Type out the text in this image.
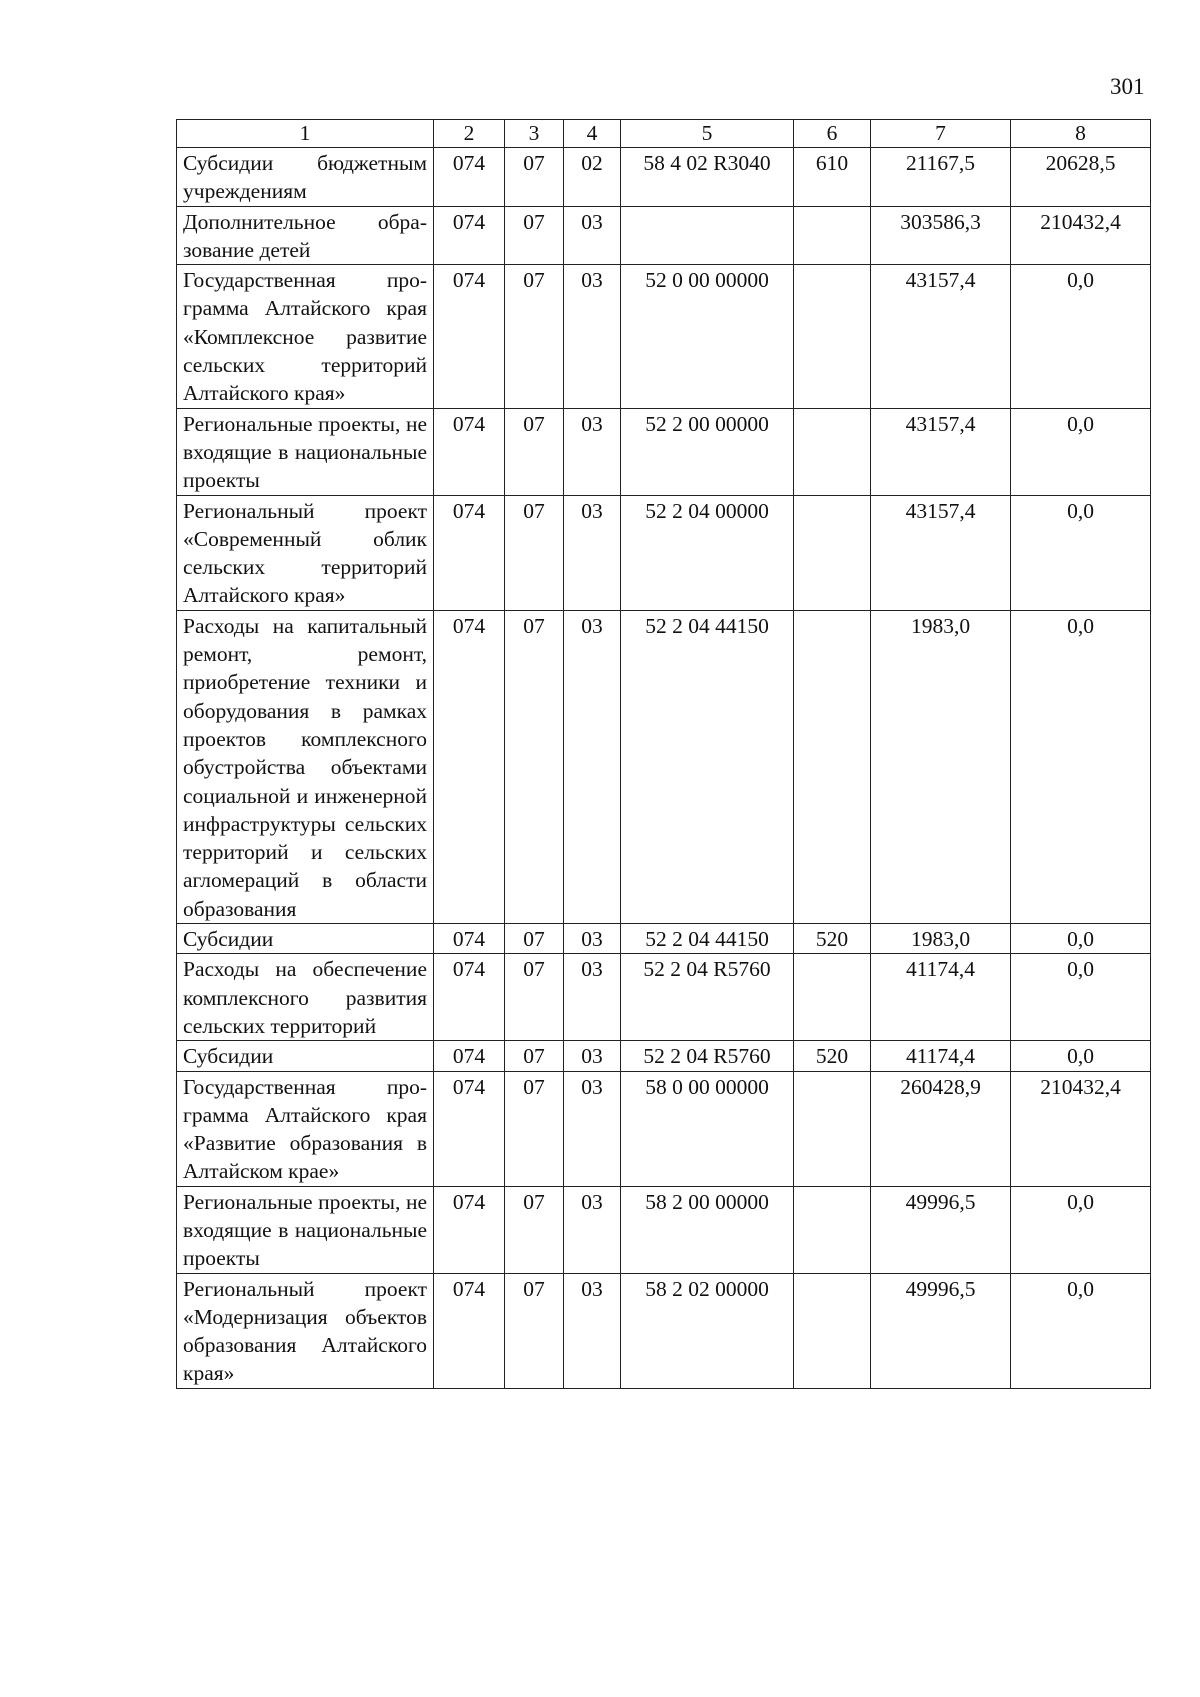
301
1	2	3	4	5	6	7	8
Субсидии бюджетным учреждениям	074	07	02	58 4 02 R3040	610	21167,5	20628,5
Дополнительное образование детей	074	07	03			303586,3	210432,4
Государственная программа Алтайского края «Комплексное развитие сельских территорий Алтайского края»	074	07	03	52 0 00 00000		43157,4	0,0
Региональные проекты, не входящие в национальные проекты	074	07	03	52 2 00 00000		43157,4	0,0
Региональный проект «Современный облик сельских территорий Алтайского края»	074	07	03	52 2 04 00000		43157,4	0,0
Расходы на капитальный ремонт, ремонт, приобретение техники и оборудования в рамках проектов комплексного обустройства объектами социальной и инженерной инфраструктуры сельских территорий и сельских агломераций в области образования	074	07	03	52 2 04 44150		1983,0	0,0
Субсидии	074	07	03	52 2 04 44150	520	1983,0	0,0
Расходы на обеспечение комплексного развития сельских территорий	074	07	03	52 2 04 R5760		41174,4	0,0
Субсидии	074	07	03	52 2 04 R5760	520	41174,4	0,0
Государственная программа Алтайского края «Развитие образования в Алтайском крае»	074	07	03	58 0 00 00000		260428,9	210432,4
Региональные проекты, не входящие в национальные проекты	074	07	03	58 2 00 00000		49996,5	0,0
Региональный проект «Модернизация объектов образования Алтайского края»	074	07	03	58 2 02 00000		49996,5	0,0
